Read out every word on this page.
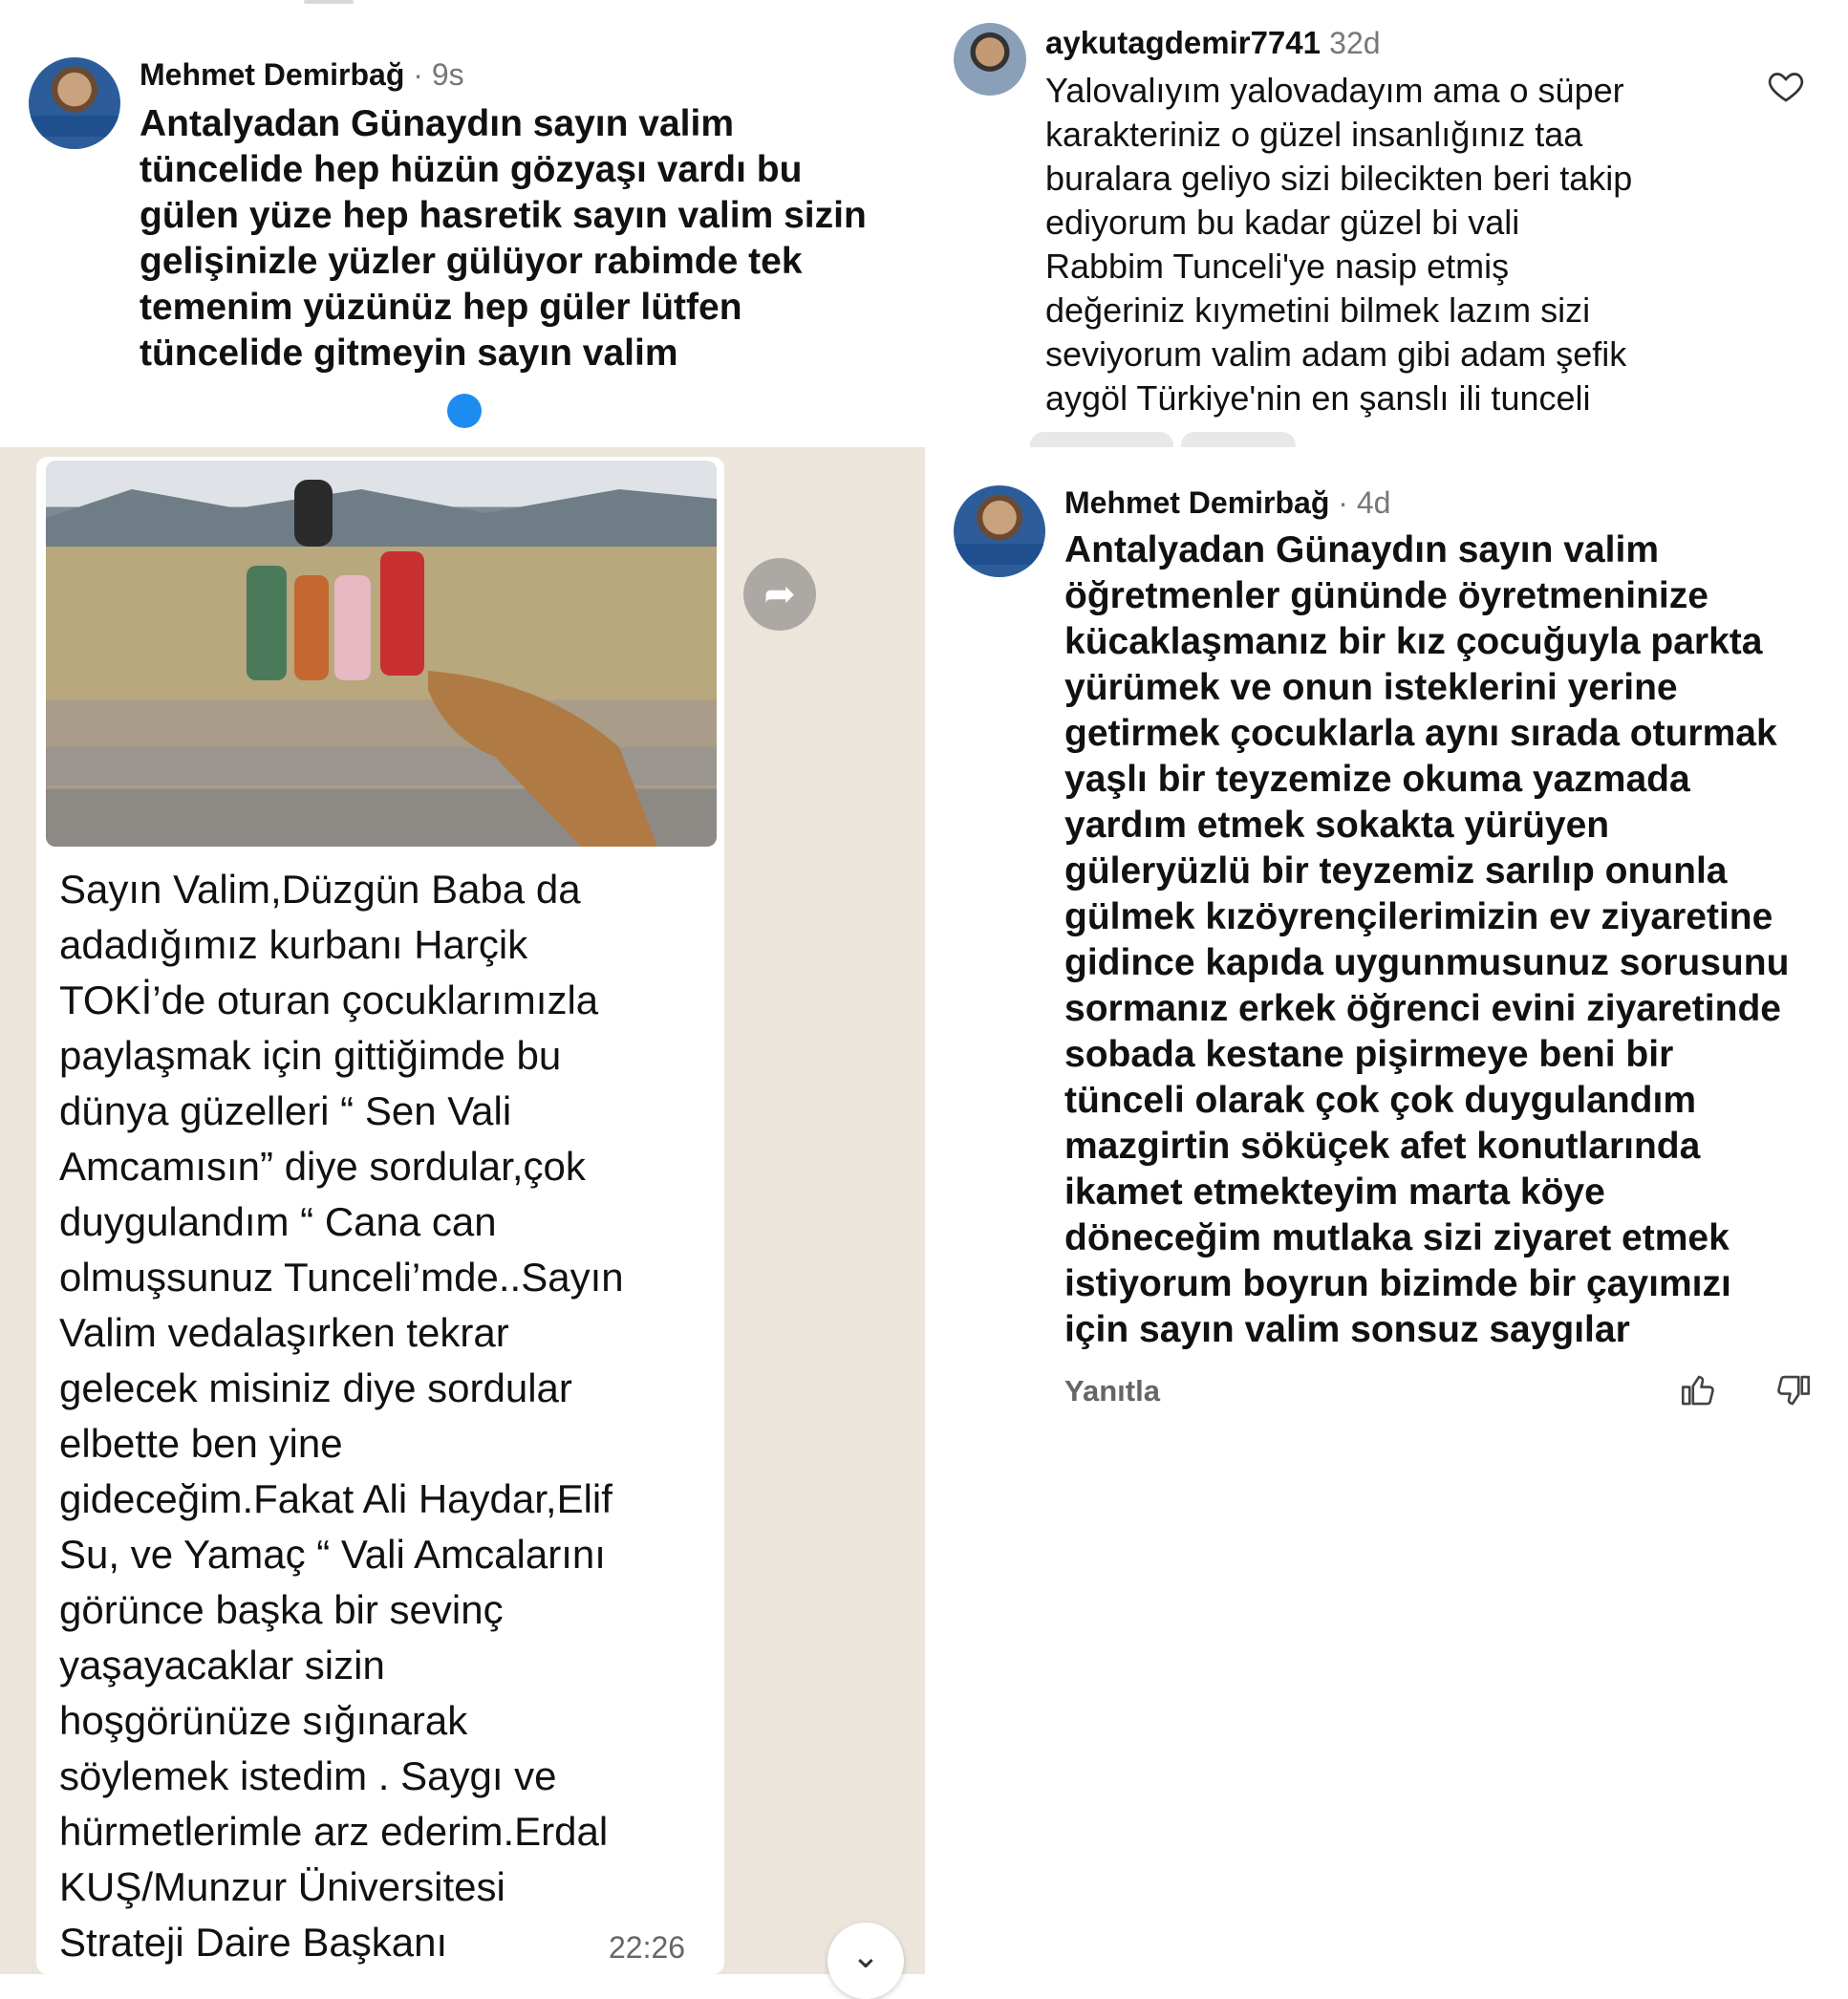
Mehmet Demirbağ · 9s
Antalyadan Günaydın sayın valim
tüncelide hep hüzün gözyaşı vardı bu
gülen yüze hep hasretik sayın valim sizin
gelişinizle yüzler gülüyor rabimde tek
temenim yüzünüz hep güler lütfen
tüncelide gitmeyin sayın valim
aykutagdemir7741 32d
Yalovalıyım yalovadayım ama o süper
karakteriniz o güzel insanlığınız taa
buralara geliyo sizi bilecikten beri takip
ediyorum bu kadar güzel bi vali
Rabbim Tunceli'ye nasip etmiş
değeriniz kıymetini bilmek lazım sizi
seviyorum valim adam gibi adam şefik
aygöl Türkiye'nin en şanslı ili tunceli
➦
Sayın Valim,Düzgün Baba da
adadığımız kurbanı Harçik
TOKİ’de oturan çocuklarımızla
paylaşmak için gittiğimde bu
dünya güzelleri “ Sen Vali
Amcamısın” diye sordular,çok
duygulandım “ Cana can
olmuşsunuz Tunceli’mde..Sayın
Valim vedalaşırken tekrar
gelecek misiniz diye sordular
elbette ben yine
gideceğim.Fakat Ali Haydar,Elif
Su, ve Yamaç “ Vali Amcalarını
görünce başka bir sevinç
yaşayacaklar sizin
hoşgörünüze sığınarak
söylemek istedim . Saygı ve
hürmetlerimle arz ederim.Erdal
KUŞ/Munzur Üniversitesi
Strateji Daire Başkanı	22:26	⌄
Mehmet Demirbağ · 4d
Antalyadan Günaydın sayın valim
öğretmenler gününde öyretmeninize
kücaklaşmanız bir kız çocuğuyla parkta
yürümek ve onun isteklerini yerine
getirmek çocuklarla aynı sırada oturmak
yaşlı bir teyzemize okuma yazmada
yardım etmek sokakta yürüyen
güleryüzlü bir teyzemiz sarılıp onunla
gülmek kızöyrençilerimizin ev ziyaretine
gidince kapıda uygunmusunuz sorusunu
sormanız erkek öğrenci evini ziyaretinde
sobada kestane pişirmeye beni bir
tünceli olarak çok çok duygulandım
mazgirtin söküçek afet konutlarında
ikamet etmekteyim marta köye
döneceğim mutlaka sizi ziyaret etmek
istiyorum boyrun bizimde bir çayımızı
için sayın valim sonsuz saygılar
Yanıtla
